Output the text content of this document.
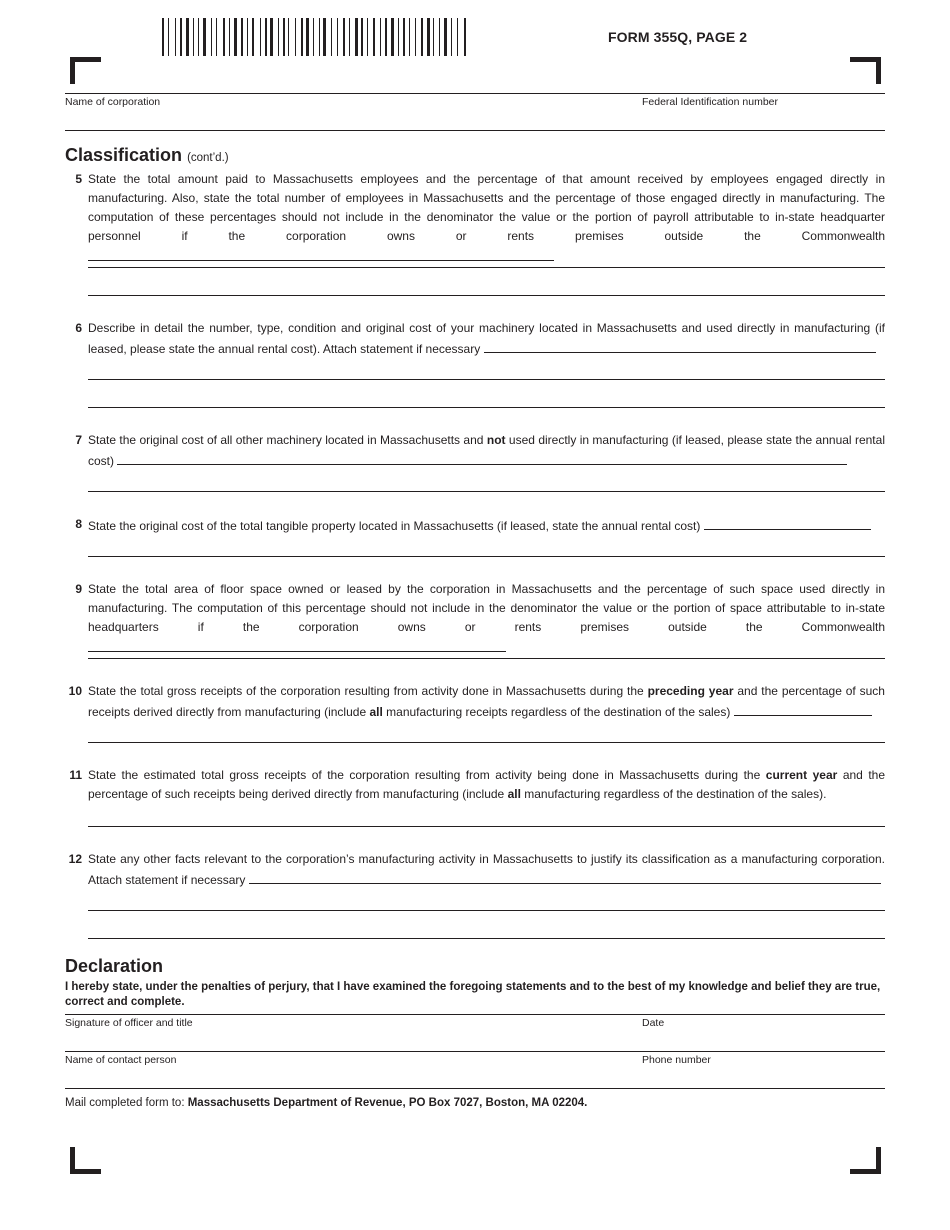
FORM 355Q, PAGE 2
Name of corporation	Federal Identification number
Classification (cont’d.)
5 State the total amount paid to Massachusetts employees and the percentage of that amount received by employees engaged directly in manufacturing. Also, state the total number of employees in Massachusetts and the percentage of those engaged directly in manufacturing. The computation of these percentages should not include in the denominator the value or the portion of payroll attributable to in-state headquarter personnel if the corporation owns or rents premises outside the Commonwealth
6 Describe in detail the number, type, condition and original cost of your machinery located in Massachusetts and used directly in manufacturing (if leased, please state the annual rental cost). Attach statement if necessary
7 State the original cost of all other machinery located in Massachusetts and not used directly in manufacturing (if leased, please state the annual rental cost)
8 State the original cost of the total tangible property located in Massachusetts (if leased, state the annual rental cost)
9 State the total area of floor space owned or leased by the corporation in Massachusetts and the percentage of such space used directly in manufacturing. The computation of this percentage should not include in the denominator the value or the portion of space attributable to in-state headquarters if the corporation owns or rents premises outside the Commonwealth
10 State the total gross receipts of the corporation resulting from activity done in Massachusetts during the preceding year and the percentage of such receipts derived directly from manufacturing (include all manufacturing receipts regardless of the destination of the sales)
11 State the estimated total gross receipts of the corporation resulting from activity being done in Massachusetts during the current year and the percentage of such receipts being derived directly from manufacturing (include all manufacturing regardless of the destination of the sales).
12 State any other facts relevant to the corporation’s manufacturing activity in Massachusetts to justify its classification as a manufacturing corporation. Attach statement if necessary
Declaration
I hereby state, under the penalties of perjury, that I have examined the foregoing statements and to the best of my knowledge and belief they are true, correct and complete.
Signature of officer and title	Date
Name of contact person	Phone number
Mail completed form to: Massachusetts Department of Revenue, PO Box 7027, Boston, MA 02204.
